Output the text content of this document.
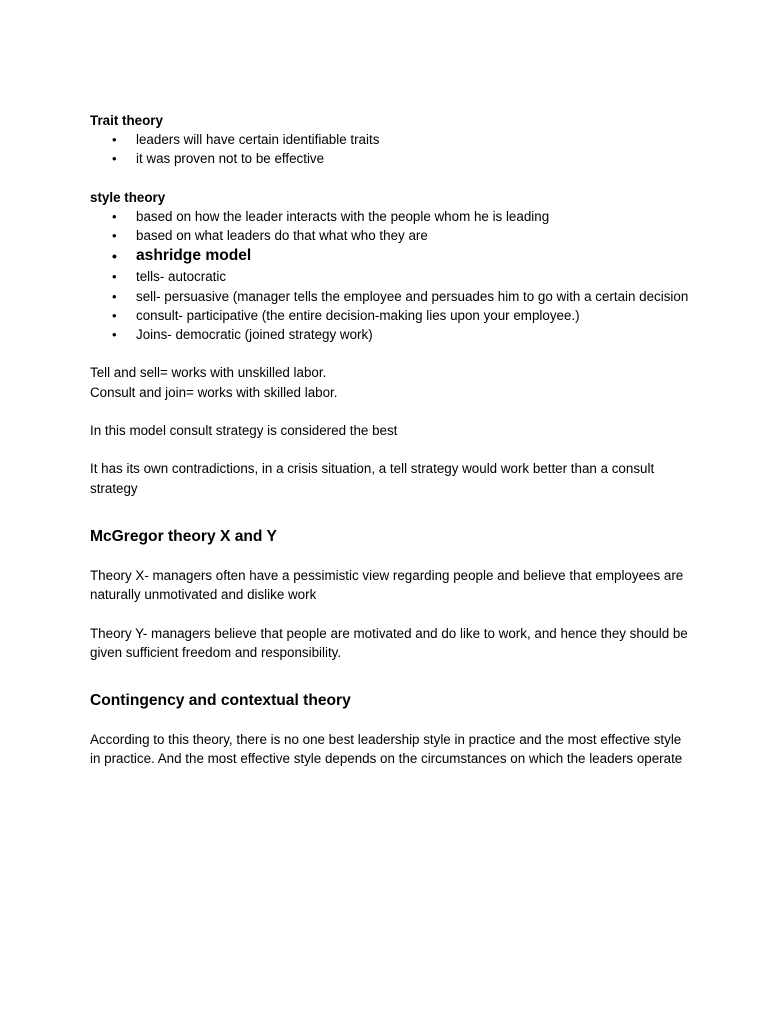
Trait theory

• leaders will have certain identifiable traits
• it was proven not to be effective

style theory

• based on how the leader interacts with the people whom he is leading
• based on what leaders do that what who they are
• ashridge model
• tells- autocratic
• sell- persuasive (manager tells the employee and persuades him to go with a certain decision
• consult- participative (the entire decision-making lies upon your employee.)
• Joins- democratic (joined strategy work)

Tell and sell= works with unskilled labor.

Consult and join= works with skilled labor.

In this model consult strategy is considered the best

It has its own contradictions, in a crisis situation, a tell strategy would work better than a consult strategy

McGregor theory X and Y

Theory X- managers often have a pessimistic view regarding people and believe that employees are naturally unmotivated and dislike work

Theory Y- managers believe that people are motivated and do like to work, and hence they should be given sufficient freedom and responsibility.

Contingency and contextual theory

According to this theory, there is no one best leadership style in practice and the most effective style in practice. And the most effective style depends on the circumstances on which the leaders operate
